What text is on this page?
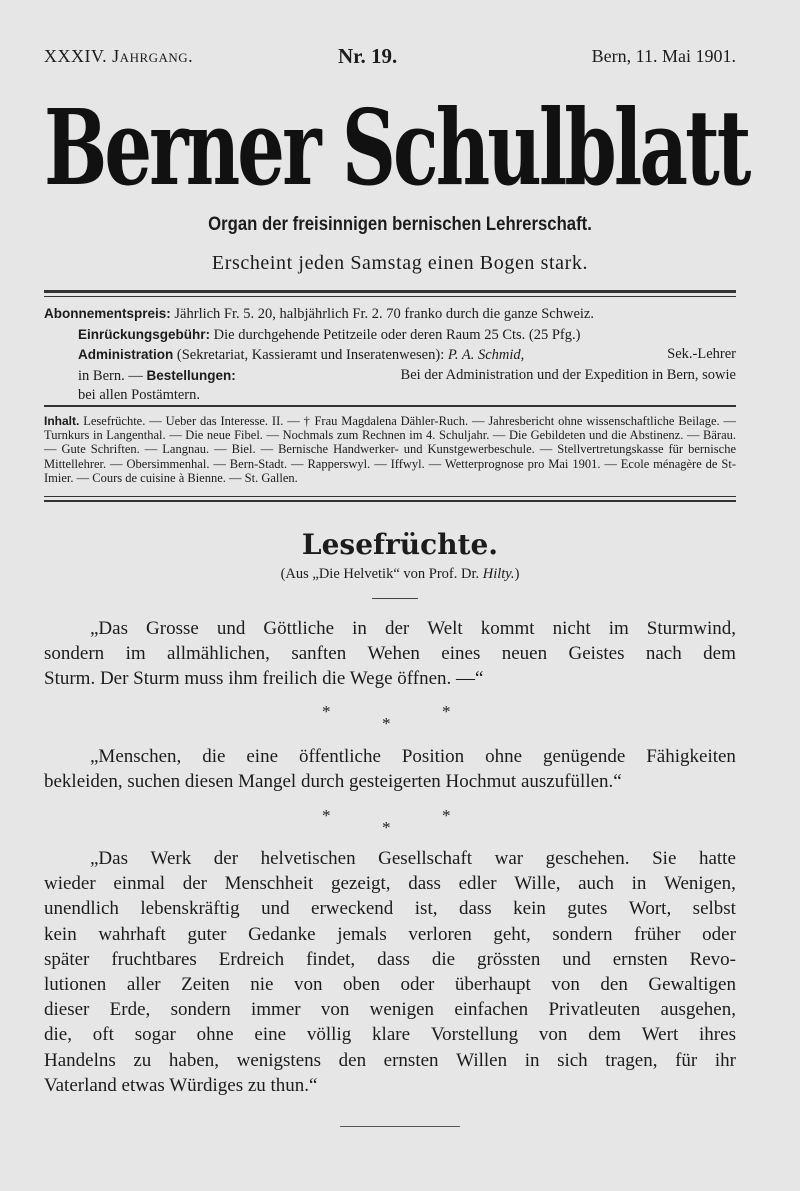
XXXIV. Jahrgang.	Nr. 19.	Bern, 11. Mai 1901.
Berner Schulblatt
Organ der freisinnigen bernischen Lehrerschaft.
Erscheint jeden Samstag einen Bogen stark.
Abonnementspreis: Jährlich Fr. 5. 20, halbjährlich Fr. 2. 70 franko durch die ganze Schweiz.
Einrückungsgebühr: Die durchgehende Petitzeile oder deren Raum 25 Cts. (25 Pfg.)
Administration (Sekretariat, Kassieramt und Inseratenwesen): P. A. Schmid,	Sek.-Lehrer
in Bern. — Bestellungen:	Bei der Administration und der Expedition in Bern, sowie
bei allen Postämtern.
Inhalt. Lesefrüchte. — Ueber das Interesse. II. — † Frau Magdalena Dähler-Ruch. — Jahresbericht ohne wissenschaftliche Beilage. — Turnkurs in Langenthal. — Die neue Fibel. — Nochmals zum Rechnen im 4. Schuljahr. — Die Gebildeten und die Abstinenz. — Bärau. — Gute Schriften. — Langnau. — Biel. — Bernische Handwerker- und Kunstgewerbeschule. — Stellvertretungskasse für bernische Mittellehrer. — Obersimmenhal. — Bern-Stadt. — Rapperswyl. — Iffwyl. — Wetterprognose pro Mai 1901. — Ecole ménagère de St-Imier. — Cours de cuisine à Bienne. — St. Gallen.
Lesefrüchte.
(Aus „Die Helvetik“ von Prof. Dr. Hilty.)
„Das Grosse und Göttliche in der Welt kommt nicht im Sturmwind,
sondern im allmählichen, sanften Wehen eines neuen Geistes nach dem
Sturm. Der Sturm muss ihm freilich die Wege öffnen. —“
*	*
*
„Menschen, die eine öffentliche Position ohne genügende Fähigkeiten
bekleiden, suchen diesen Mangel durch gesteigerten Hochmut auszufüllen.“
*	*
*
„Das Werk der helvetischen Gesellschaft war geschehen. Sie hatte
wieder einmal der Menschheit gezeigt, dass edler Wille, auch in Wenigen,
unendlich lebenskräftig und erweckend ist, dass kein gutes Wort, selbst
kein wahrhaft guter Gedanke jemals verloren geht, sondern früher oder
später fruchtbares Erdreich findet, dass die grössten und ernsten Revo-
lutionen aller Zeiten nie von oben oder überhaupt von den Gewaltigen
dieser Erde, sondern immer von wenigen einfachen Privatleuten ausgehen,
die, oft sogar ohne eine völlig klare Vorstellung von dem Wert ihres
Handelns zu haben, wenigstens den ernsten Willen in sich tragen, für ihr
Vaterland etwas Würdiges zu thun.“
